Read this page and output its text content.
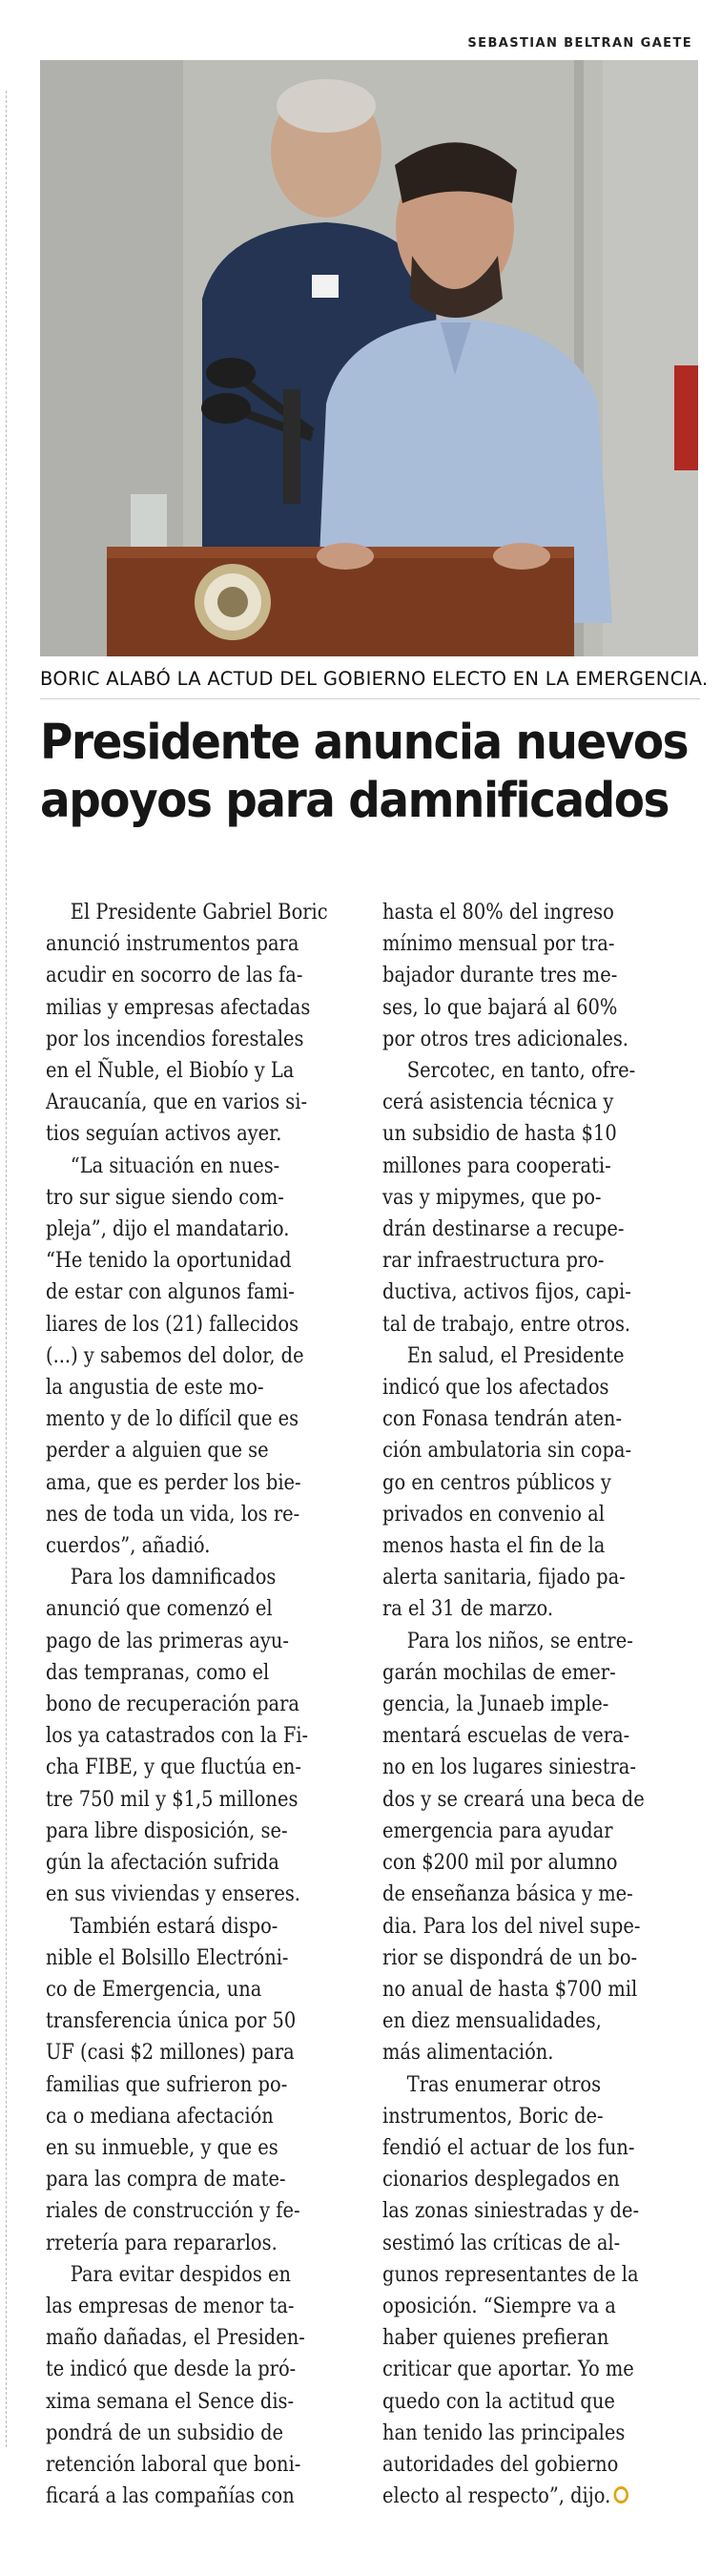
SEBASTIAN BELTRAN GAETE
BORIC ALABÓ LA ACTUD DEL GOBIERNO ELECTO EN LA EMERGENCIA.
Presidente anuncia nuevos
apoyos para damnificados
El Presidente Gabriel Boric
anunció instrumentos para
acudir en socorro de las fa-
milias y empresas afectadas
por los incendios forestales
en el Ñuble, el Biobío y La
Araucanía, que en varios si-
tios seguían activos ayer.
“La situación en nues-
tro sur sigue siendo com-
pleja”, dijo el mandatario.
“He tenido la oportunidad
de estar con algunos fami-
liares de los (21) fallecidos
(...) y sabemos del dolor, de
la angustia de este mo-
mento y de lo difícil que es
perder a alguien que se
ama, que es perder los bie-
nes de toda un vida, los re-
cuerdos”, añadió.
Para los damnificados
anunció que comenzó el
pago de las primeras ayu-
das tempranas, como el
bono de recuperación para
los ya catastrados con la Fi-
cha FIBE, y que fluctúa en-
tre 750 mil y $1,5 millones
para libre disposición, se-
gún la afectación sufrida
en sus viviendas y enseres.
También estará dispo-
nible el Bolsillo Electróni-
co de Emergencia, una
transferencia única por 50
UF (casi $2 millones) para
familias que sufrieron po-
ca o mediana afectación
en su inmueble, y que es
para las compra de mate-
riales de construcción y fe-
rretería para repararlos.
Para evitar despidos en
las empresas de menor ta-
maño dañadas, el Presiden-
te indicó que desde la pró-
xima semana el Sence dis-
pondrá de un subsidio de
retención laboral que boni-
ficará a las compañías con
hasta el 80% del ingreso
mínimo mensual por tra-
bajador durante tres me-
ses, lo que bajará al 60%
por otros tres adicionales.
Sercotec, en tanto, ofre-
cerá asistencia técnica y
un subsidio de hasta $10
millones para cooperati-
vas y mipymes, que po-
drán destinarse a recupe-
rar infraestructura pro-
ductiva, activos fijos, capi-
tal de trabajo, entre otros.
En salud, el Presidente
indicó que los afectados
con Fonasa tendrán aten-
ción ambulatoria sin copa-
go en centros públicos y
privados en convenio al
menos hasta el fin de la
alerta sanitaria, fijado pa-
ra el 31 de marzo.
Para los niños, se entre-
garán mochilas de emer-
gencia, la Junaeb imple-
mentará escuelas de vera-
no en los lugares siniestra-
dos y se creará una beca de
emergencia para ayudar
con $200 mil por alumno
de enseñanza básica y me-
dia. Para los del nivel supe-
rior se dispondrá de un bo-
no anual de hasta $700 mil
en diez mensualidades,
más alimentación.
Tras enumerar otros
instrumentos, Boric de-
fendió el actuar de los fun-
cionarios desplegados en
las zonas siniestradas y de-
sestimó las críticas de al-
gunos representantes de la
oposición. “Siempre va a
haber quienes prefieran
criticar que aportar. Yo me
quedo con la actitud que
han tenido las principales
autoridades del gobierno
electo al respecto”, dijo.
